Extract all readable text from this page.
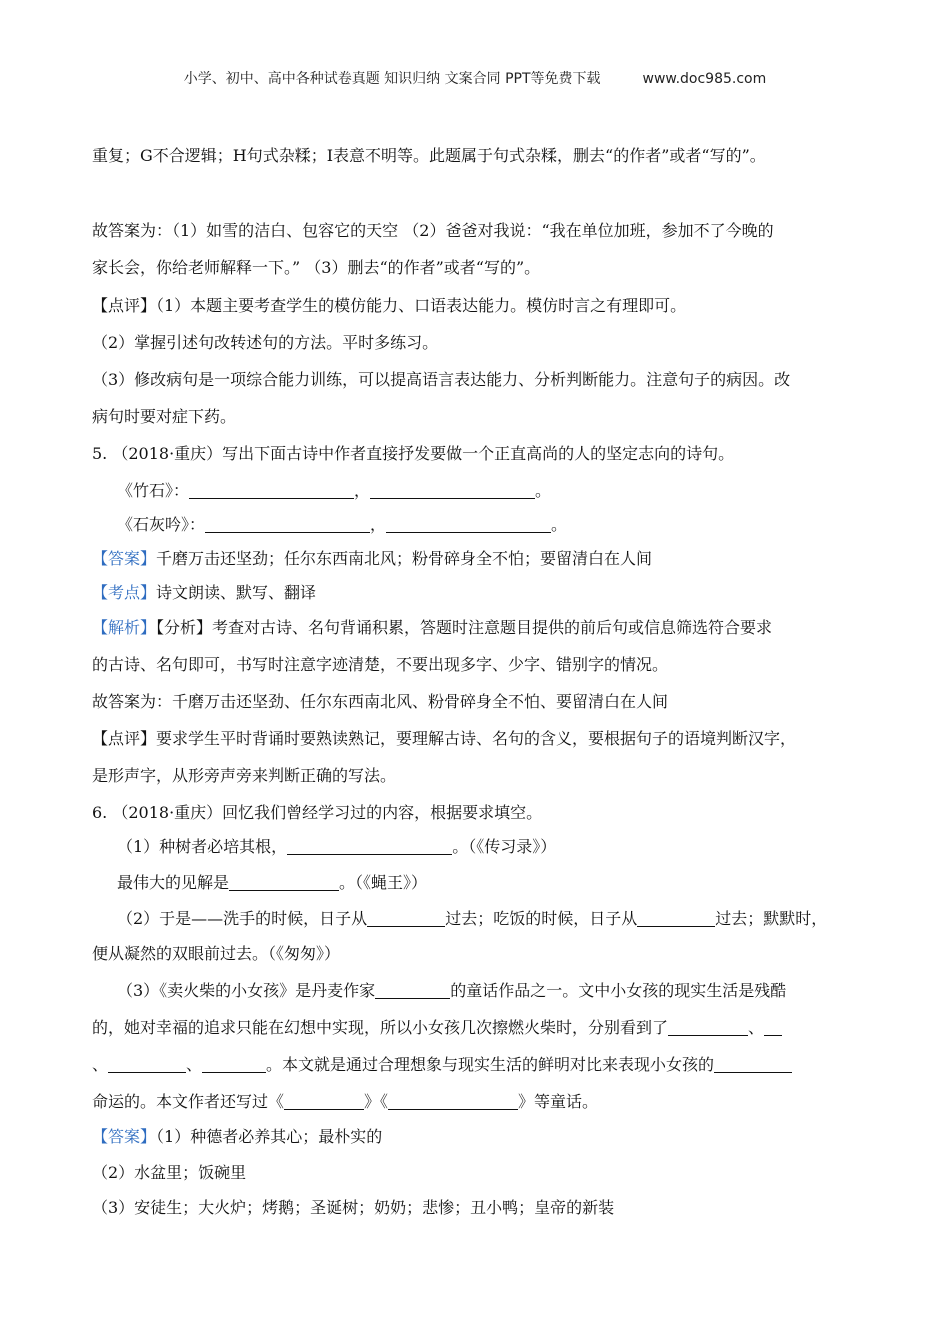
小学、初中、高中各种试卷真题 知识归纳 文案合同 PPT等免费下载	www.doc985.com
重复；G不合逻辑；H句式杂糅；I表意不明等。此题属于句式杂糅，删去“的作者”或者“写的”。
故答案为：（1）如雪的洁白、包容它的天空 （2）爸爸对我说：“我在单位加班，参加不了今晚的
家长会，你给老师解释一下。” （3）删去“的作者”或者“写的”。
【点评】（1）本题主要考查学生的模仿能力、口语表达能力。模仿时言之有理即可。
（2）掌握引述句改转述句的方法。平时多练习。
（3）修改病句是一项综合能力训练，可以提高语言表达能力、分析判断能力。注意句子的病因。改
病句时要对症下药。
5. （2018·重庆）写出下面古诗中作者直接抒发要做一个正直高尚的人的坚定志向的诗句。
《竹石》：	，	。
《石灰吟》：	，	。
【答案】千磨万击还坚劲；任尔东西南北风；粉骨碎身全不怕；要留清白在人间
【考点】诗文朗读、默写、翻译
【解析】【分析】考查对古诗、名句背诵积累，答题时注意题目提供的前后句或信息筛选符合要求
的古诗、名句即可，书写时注意字迹清楚，不要出现多字、少字、错别字的情况。
故答案为：千磨万击还坚劲、任尔东西南北风、粉骨碎身全不怕、要留清白在人间
【点评】要求学生平时背诵时要熟读熟记，要理解古诗、名句的含义，要根据句子的语境判断汉字，
是形声字，从形旁声旁来判断正确的写法。
6. （2018·重庆）回忆我们曾经学习过的内容，根据要求填空。
（1）种树者必培其根，	。（《传习录》）
最伟大的见解是	。（《蝇王》）
（2）于是——洗手的时候，日子从	过去；吃饭的时候，日子从	过去；默默时，
便从凝然的双眼前过去。（《匆匆》）
（3）《卖火柴的小女孩》是丹麦作家	的童话作品之一。文中小女孩的现实生活是残酷
的，她对幸福的追求只能在幻想中实现，所以小女孩几次擦燃火柴时，分别看到了	、
、	、	。本文就是通过合理想象与现实生活的鲜明对比来表现小女孩的
命运的。本文作者还写过《	》《	》等童话。
【答案】（1）种德者必养其心；最朴实的
（2）水盆里；饭碗里
（3）安徒生；大火炉；烤鹅；圣诞树；奶奶；悲惨；丑小鸭；皇帝的新装
